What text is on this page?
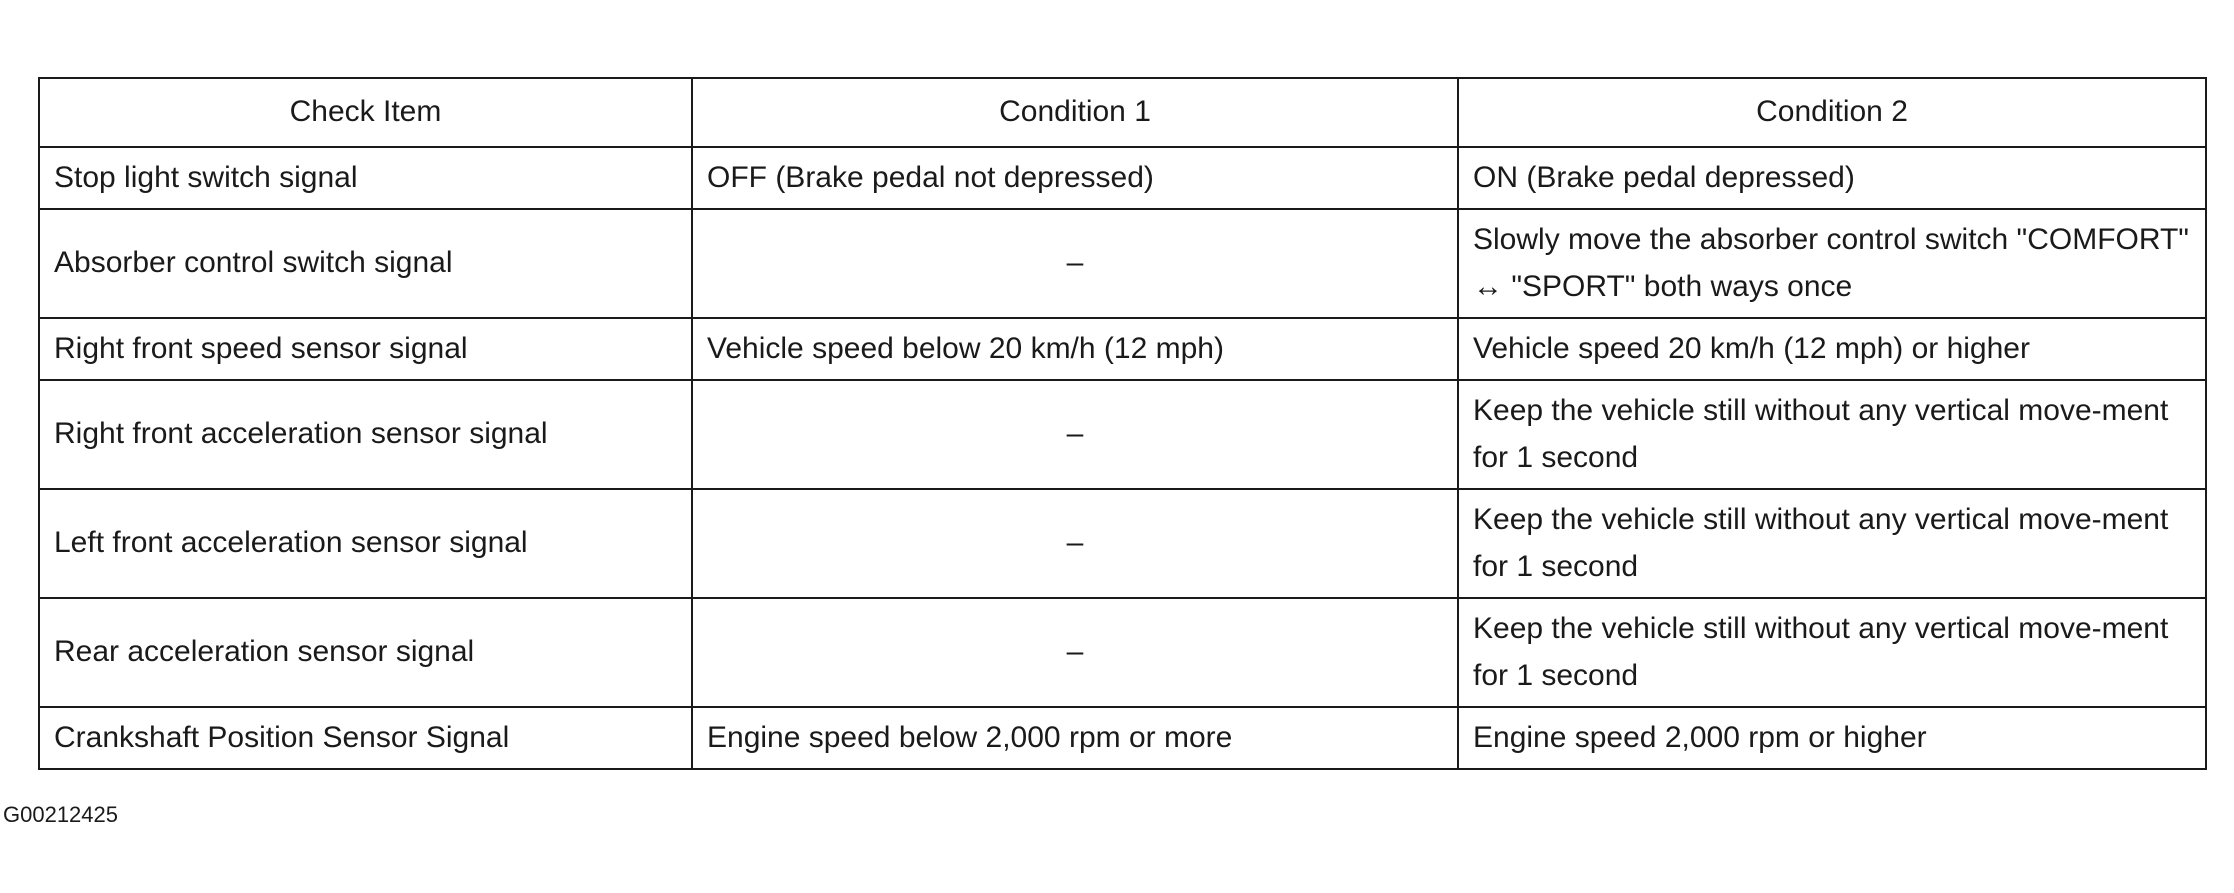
Check Item	Condition 1	Condition 2
Stop light switch signal	OFF (Brake pedal not depressed)	ON (Brake pedal depressed)
Absorber control switch signal	–	Slowly move the absorber control switch "COMFORT" ↔ "SPORT" both ways once
Right front speed sensor signal	Vehicle speed below 20 km/h (12 mph)	Vehicle speed 20 km/h (12 mph) or higher
Right front acceleration sensor signal	–	Keep the vehicle still without any vertical move-ment for 1 second
Left front acceleration sensor signal	–	Keep the vehicle still without any vertical move-ment for 1 second
Rear acceleration sensor signal	–	Keep the vehicle still without any vertical move-ment for 1 second
Crankshaft Position Sensor Signal	Engine speed below 2,000 rpm or more	Engine speed 2,000 rpm or higher
G00212425
